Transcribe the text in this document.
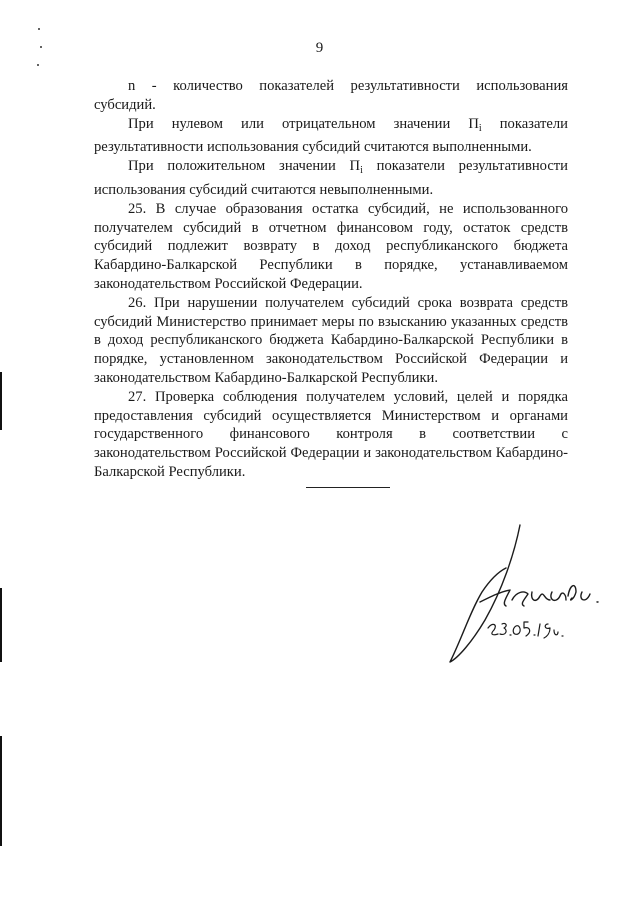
9

n - количество показателей результативности использования субсидий.

При нулевом или отрицательном значении $П_i$ показатели результативности использования субсидий считаются выполненными.

При положительном значении $П_i$ показатели результативности использования субсидий считаются невыполненными.

25. В случае образования остатка субсидий, не использованного получателем субсидий в отчетном финансовом году, остаток средств субсидий подлежит возврату в доход республиканского бюджета Кабардино-Балкарской Республики в порядке, устанавливаемом законодательством Российской Федерации.

26. При нарушении получателем субсидий срока возврата средств субсидий Министерство принимает меры по взысканию указанных средств в доход республиканского бюджета Кабардино-Балкарской Республики в порядке, установленном законодательством Российской Федерации и законодательством Кабардино-Балкарской Республики.

27. Проверка соблюдения получателем условий, целей и порядка предоставления субсидий осуществляется Министерством и органами государственного финансового контроля в соответствии с законодательством Российской Федерации и законодательством Кабардино-Балкарской Республики.
